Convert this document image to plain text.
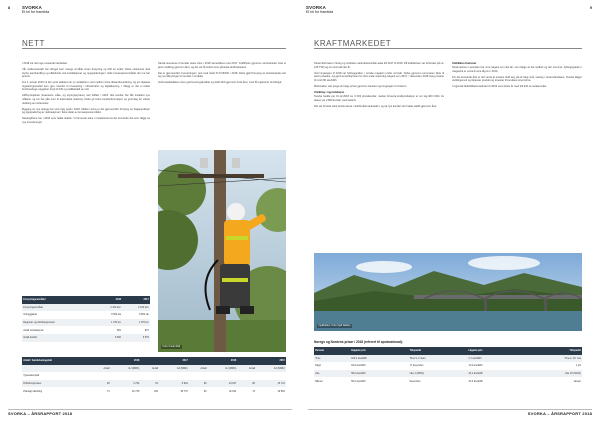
8	SVORKA
Et lei for framtida
NETT

I 2018 var det inga mosande handelsar.

Vår nettleverandør har utbygd over mange område innan forsyning og drift av nettet. Dette sistnevnte skal styrke samhandling og effektivitet ved installasjonar og oppgraderingar i heile konsesjonsområdet der me har ansvar.

Fra 1. januar 2019 vil det verte etablert ein ny avtaleform med mellom anna tilstandsvurdering, og ein tilpassa reguleringsmodell som gjev insentiv til investering i infrastruktur og digitalisering. I tillegg er det ei rekke kontinuerlege oppgåver knytt til drift og vedlikehald av nett.

AMS-prosjektet (Avanserte måle- og styringssystem) vart fullført i 2018. Alle kundar har fått installert nye målarar, og ein har gått over til automatisk avlesing. Dette gir betre kundeinformasjon og grunnlag for vidare utvikling av nettenester.

Bygging av nye anlegg har vore høg også i 2018. Mellom anna er det gjennomført fornying av høgspentlinjer og oppgradering av nettstasjonar i fleire delar av konsesjonsområdet.

Nettavgiftene har i 2018 vore halde stabile. Vi forventar auke i inntektsramma dei komande åra som følgje av nye investeringar.

Samla leveranse til kundar auka noko i 2018 samanlikna med 2017. Kraftflyten gjennom sentralnettet viste ei jamn utvikling gjennom året, og det var få avbrot som påverka sluttbrukarane.

Det er gjennomført investeringar i nett med totalt 47,8 MNOK i 2018. Dette gjeld fornying av eksisterande nett og nye tilknytingar for kundar i området.

Avbrotsstatistikken viser god leveringskvalitet og stabil drift gjennom heile året, med få registrerte hendingar.

Foto: Frode Wiik
Forsyningsområdet	2018	2017
Forsyningsområde	2 100 km²	2 100 km²
Innbyggjartal	9 500 stk	9 500 stk
Regional- og distribusjonsnett	1 370 km	1 370 km
Antall nettstasjonar	851	837
Antall kundar	6 600	6 579
Antall / handelseslagstatt	2018		2017		2016		2015	
	Antall	GJ (MWh)	Antall	GJ (MWh)	Antall	GJ (MWh)	Antall	GJ (MWh)
Typeeksemplar								
Driftsforstyrrelser	28	4 794	51	6 904	60	24 037	60	15 741
Planlagt utkobling	74	40 735	106	35 770	63	32 634	73	19 563
SVORKA – ÅRSRAPPORT 2018
SVORKA
Et lei for framtida
9
KRAFTMARKEDET

Straumforbruket i Noreg og nordiske marknadsområde auka frå 2017 til 2018. På kraftbørsen var forbruket på ca. 125 TWh og eit unormalt tørt år.

Ved inngangen til 2018 var fyllingsgraden i norske magasin under normalt. Tørke gjennom sommaren førte til sterk prisauke, og gjennomsnittsprisen for året enda vesentleg høgare enn 2017. I desember 2018 steig prisane til rundt 50 øre/kWh.

Marknaden vart prega av høge prisar gjennom hausten og inngangen til vinteren.

Utvikling i nyproduksjon

Svorka hadde per 31.12.2018 ca. 6 000 privatkundar, medan forventa kraftproduksjon er om lag 400 GWh. Av desse var 2 800 kundar med fastpris.

Det var fortsatt sterk konkurranse i sluttbrukarmarknaden, og tal nye kundar vart halde stabilt gjennom året.

Umbilikus-framover

Straumprisen i perioden har vore høgare enn åra før, som følgje av lite nedbør og tørr sommar. Fyllingsgraden i magasina er venta å vere låg inn i 2019.

For det komande året er det venta at prisane held seg på eit høgt nivå, særleg i vintermånadane. Svorka følgjer utviklinga tett og tilpassar produkt og tenester til kundane sine behov.

I regionalt fleksibilitetsmarknad vil 2019 vere første år med full drift av avtaleverket.

Fjellkraften. Foto: Kjell Dahlen
Noregs og Nordens prisar i 2018 (referert til spotmarknad):
Periode	Høgaste pris	Tidspunkt	Lågaste pris	Tidspunkt
Time	100,4 øre/kWh	Time 9, 2 mars	2,7 øre/kWh	Time 2, 20. mai
Døgn	63,6 øre/kWh	17 desember	11,9 øre/kWh	1 juli
Uke	56,6 øre/kWh	Uke 1 (08/01)	23,1 øre/kWh	Uke 18 (30/04)
Måned	50,6 øre/kWh	Desember	31,5 øre/kWh	Januar
SVORKA – ÅRSRAPPORT 2018
